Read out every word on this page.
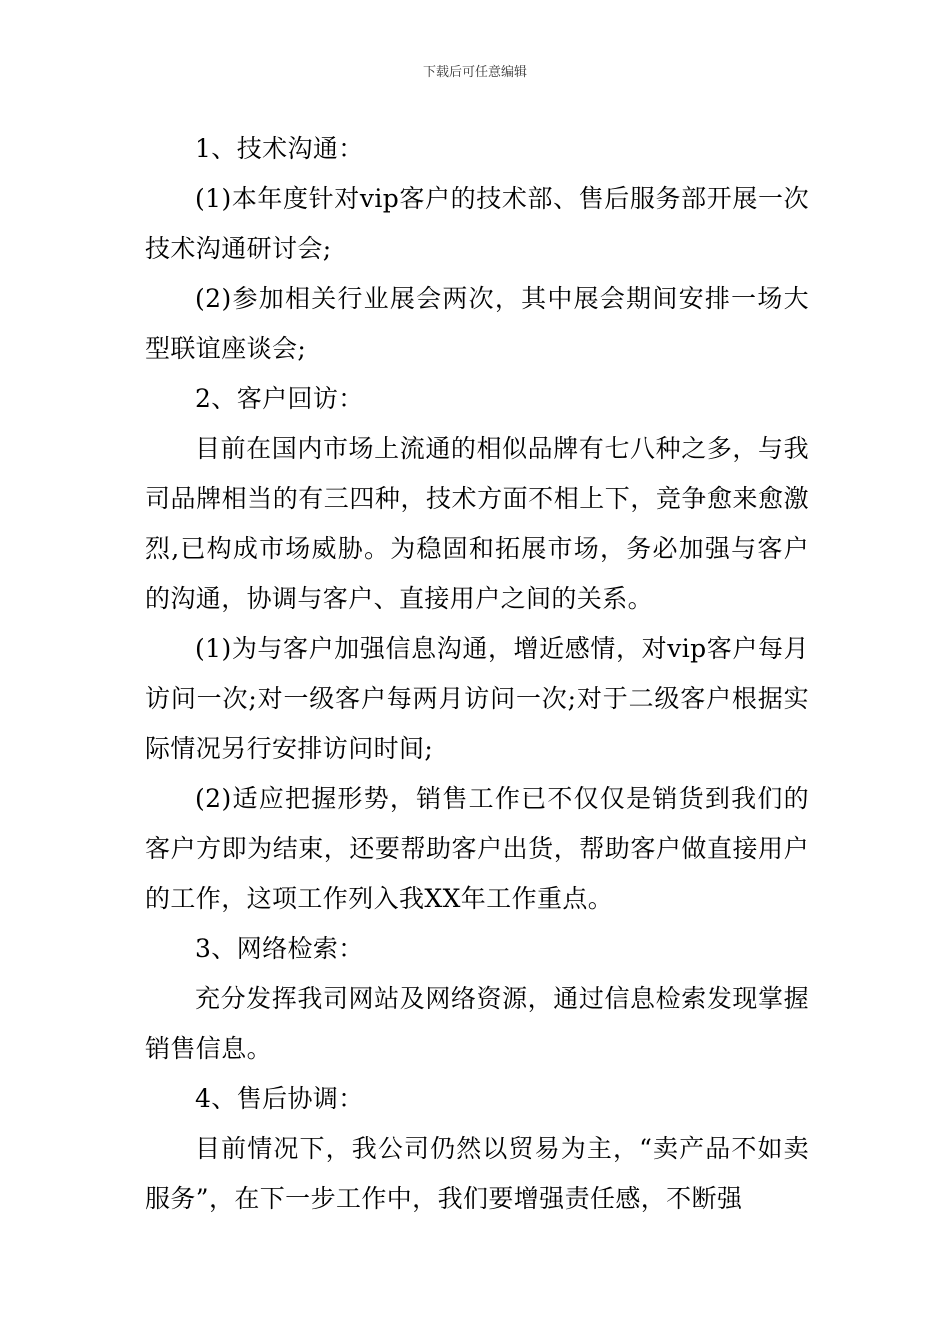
下载后可任意编辑

1、技术沟通：

(1)本年度针对vip客户的技术部、售后服务部开展一次技术沟通研讨会;

(2)参加相关行业展会两次，其中展会期间安排一场大型联谊座谈会;

2、客户回访：

目前在国内市场上流通的相似品牌有七八种之多，与我司品牌相当的有三四种，技术方面不相上下，竞争愈来愈激烈,已构成市场威胁。为稳固和拓展市场，务必加强与客户的沟通，协调与客户、直接用户之间的关系。

(1)为与客户加强信息沟通，增近感情，对vip客户每月访问一次;对一级客户每两月访问一次;对于二级客户根据实际情况另行安排访问时间;

(2)适应把握形势，销售工作已不仅仅是销货到我们的客户方即为结束，还要帮助客户出货，帮助客户做直接用户的工作，这项工作列入我XX年工作重点。

3、网络检索：

充分发挥我司网站及网络资源，通过信息检索发现掌握销售信息。

4、售后协调：

目前情况下，我公司仍然以贸易为主，“卖产品不如卖服务”，在下一步工作中，我们要增强责任感，不断强
